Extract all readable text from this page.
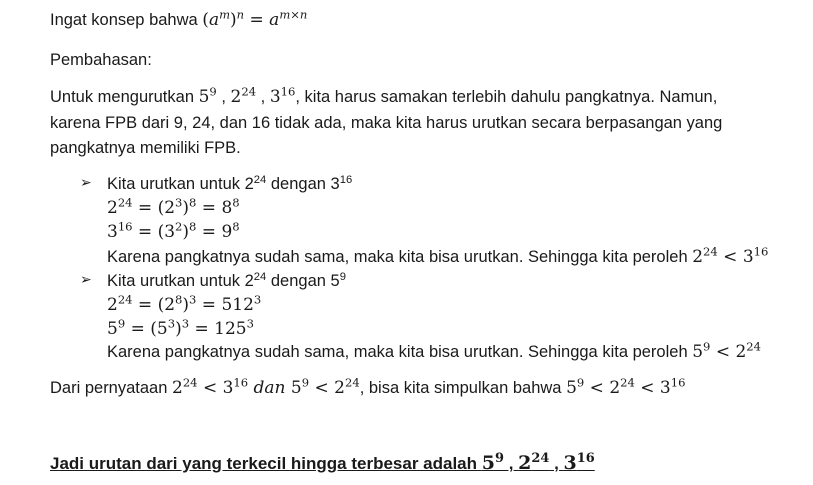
Ingat konsep bahwa $(a^m)^n = a^{m\times n}$
Pembahasan:
Untuk mengurutkan $5^9$ , $2^{24}$ , $3^{16}$, kita harus samakan terlebih dahulu pangkatnya. Namun,
karena FPB dari 9, 24, dan 16 tidak ada, maka kita harus urutkan secara berpasangan yang
pangkatnya memiliki FPB.
➢ Kita urutkan untuk $2^{24}$ dengan $3^{16}$
$2^{24} = (2^3)^8 = 8^8$
$3^{16} = (3^2)^8 = 9^8$
Karena pangkatnya sudah sama, maka kita bisa urutkan. Sehingga kita peroleh $2^{24} < 3^{16}$
➢ Kita urutkan untuk $2^{24}$ dengan $5^9$
$2^{24} = (2^8)^3 = 512^3$
$5^9 = (5^3)^3 = 125^3$
Karena pangkatnya sudah sama, maka kita bisa urutkan. Sehingga kita peroleh $5^9 < 2^{24}$
Dari pernyataan $2^{24} < 3^{16}$ dan $5^9 < 2^{24}$, bisa kita simpulkan bahwa $5^9 < 2^{24} < 3^{16}$
Jadi urutan dari yang terkecil hingga terbesar adalah $5^9$ , $2^{24}$ , $3^{16}$
